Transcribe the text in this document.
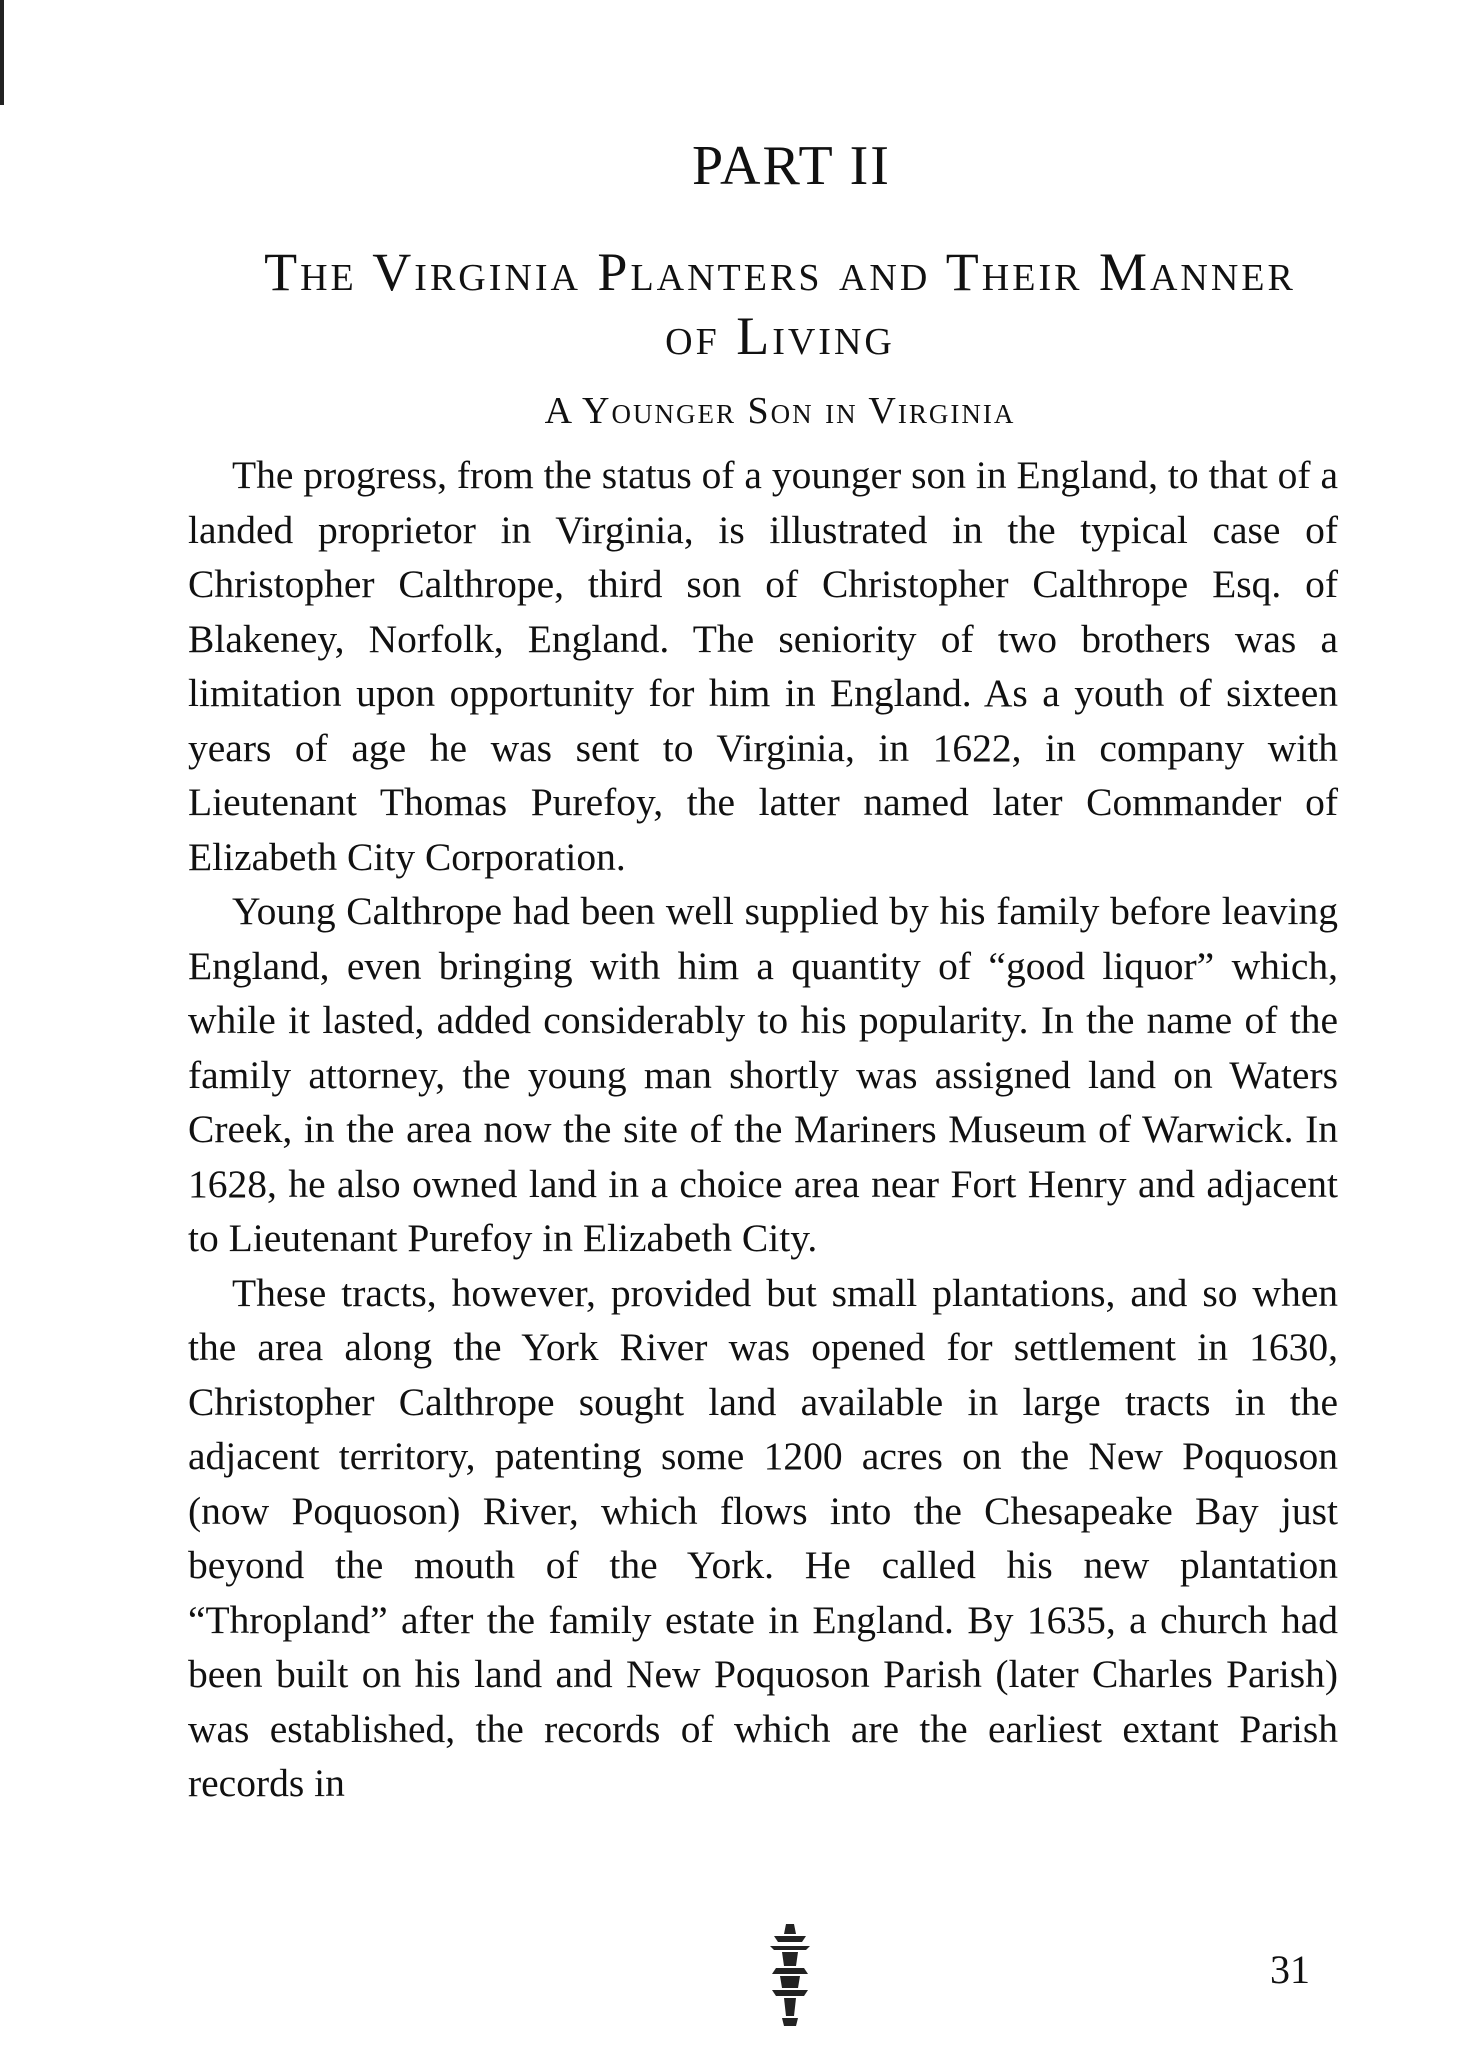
PART II
The Virginia Planters and Their Manner of Living
A Younger Son in Virginia

The progress, from the status of a younger son in England, to that of a landed proprietor in Virginia, is illustrated in the typical case of Christopher Calthrope, third son of Christopher Calthrope Esq. of Blakeney, Norfolk, England. The seniority of two brothers was a limitation upon opportunity for him in England. As a youth of sixteen years of age he was sent to Virginia, in 1622, in company with Lieutenant Thomas Purefoy, the latter named later Commander of Elizabeth City Corporation.

Young Calthrope had been well supplied by his family before leaving England, even bringing with him a quantity of “good liquor” which, while it lasted, added considerably to his popularity. In the name of the family attorney, the young man shortly was assigned land on Waters Creek, in the area now the site of the Mariners Museum of Warwick. In 1628, he also owned land in a choice area near Fort Henry and adjacent to Lieutenant Purefoy in Elizabeth City.

These tracts, however, provided but small plantations, and so when the area along the York River was opened for settlement in 1630, Christopher Calthrope sought land available in large tracts in the adjacent territory, patenting some 1200 acres on the New Poquoson (now Poquoson) River, which flows into the Chesapeake Bay just beyond the mouth of the York. He called his new plantation “Thropland” after the family estate in England. By 1635, a church had been built on his land and New Poquoson Parish (later Charles Parish) was established, the records of which are the earliest extant Parish records in

31
